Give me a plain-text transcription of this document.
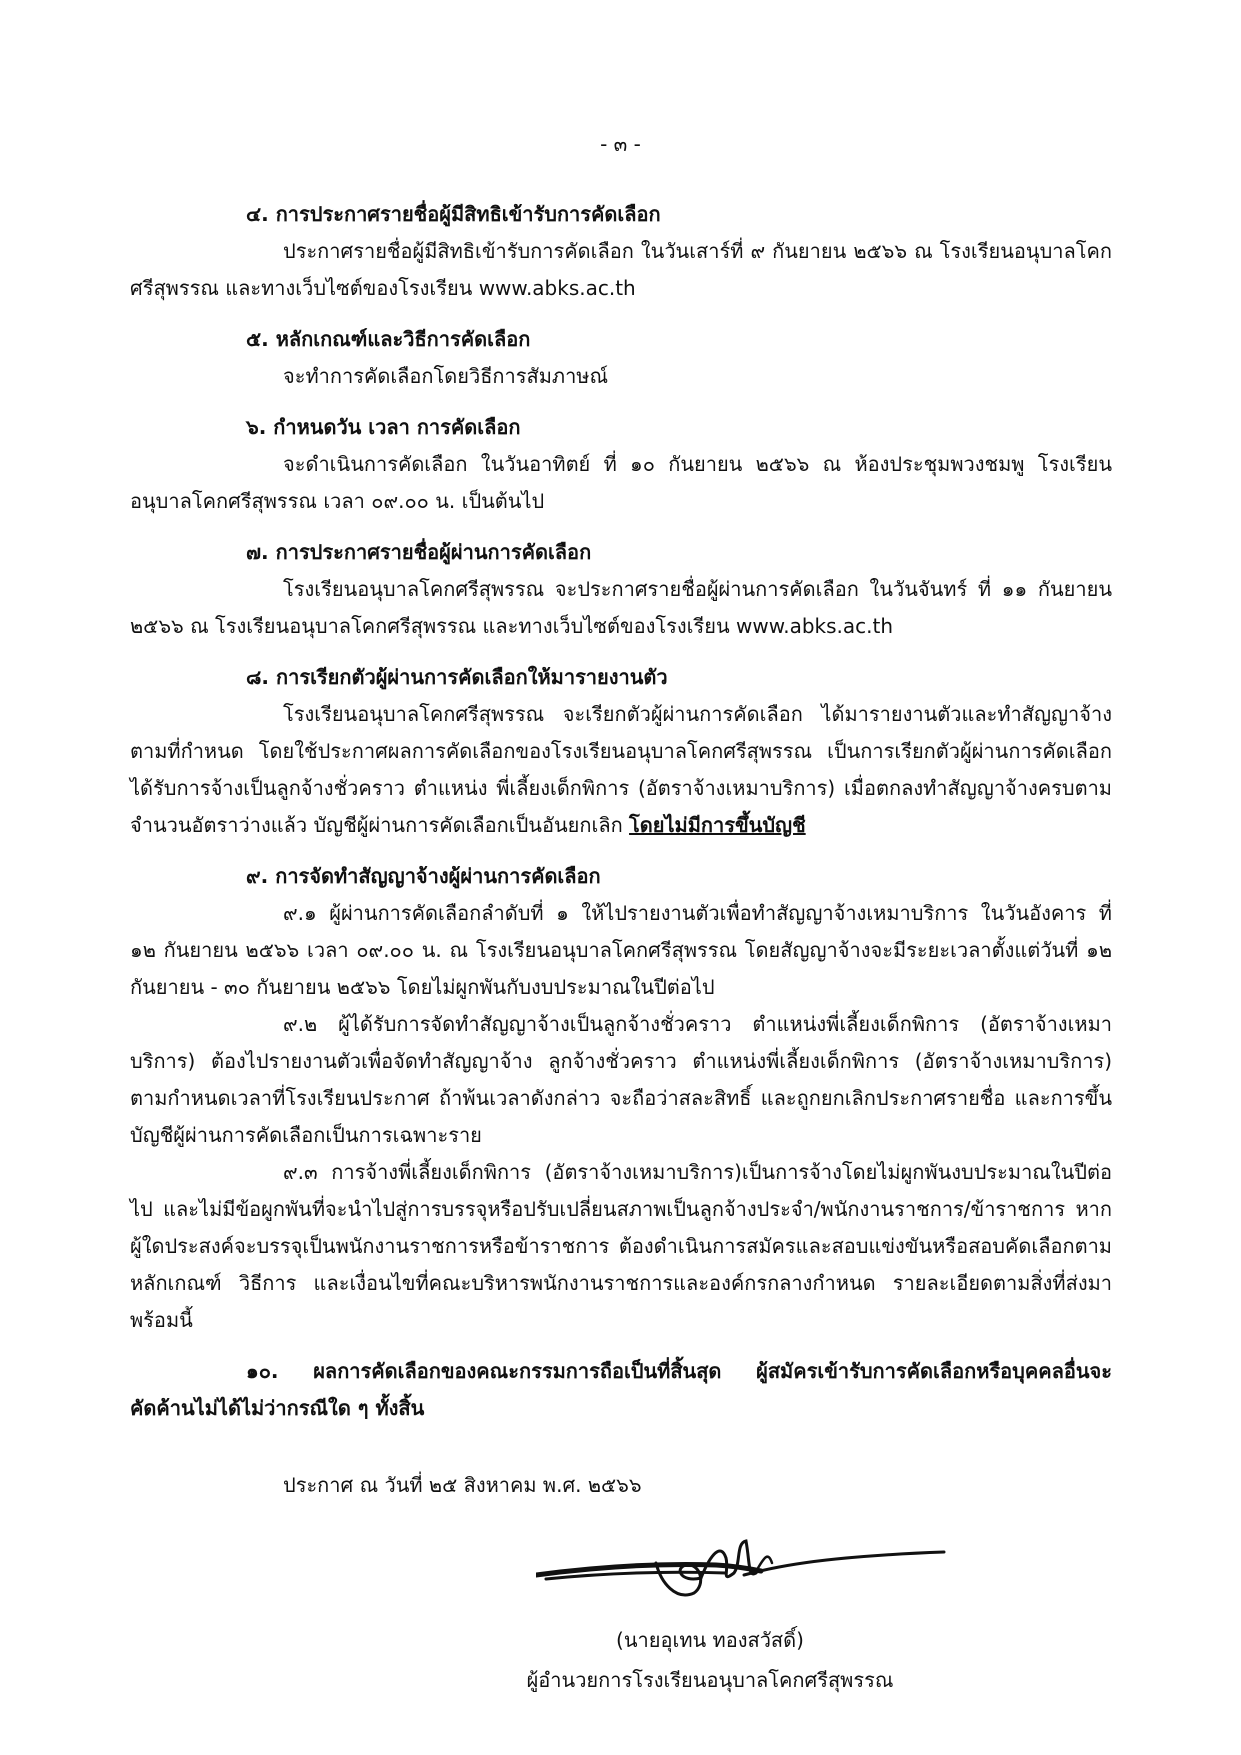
- ๓ -

๔. การประกาศรายชื่อผู้มีสิทธิเข้ารับการคัดเลือก

ประกาศรายชื่อผู้มีสิทธิเข้ารับการคัดเลือก ในวันเสาร์ที่ ๙ กันยายน ๒๕๖๖ ณ โรงเรียนอนุบาลโคกศรีสุพรรณ และทางเว็บไซต์ของโรงเรียน www.abks.ac.th

๕. หลักเกณฑ์และวิธีการคัดเลือก

จะทำการคัดเลือกโดยวิธีการสัมภาษณ์

๖. กำหนดวัน เวลา การคัดเลือก

จะดำเนินการคัดเลือก ในวันอาทิตย์ ที่ ๑๐ กันยายน ๒๕๖๖ ณ ห้องประชุมพวงชมพู โรงเรียนอนุบาลโคกศรีสุพรรณ เวลา ๐๙.๐๐ น. เป็นต้นไป

๗. การประกาศรายชื่อผู้ผ่านการคัดเลือก

โรงเรียนอนุบาลโคกศรีสุพรรณ จะประกาศรายชื่อผู้ผ่านการคัดเลือก ในวันจันทร์ ที่ ๑๑ กันยายน ๒๕๖๖ ณ โรงเรียนอนุบาลโคกศรีสุพรรณ และทางเว็บไซต์ของโรงเรียน www.abks.ac.th

๘. การเรียกตัวผู้ผ่านการคัดเลือกให้มารายงานตัว

โรงเรียนอนุบาลโคกศรีสุพรรณ จะเรียกตัวผู้ผ่านการคัดเลือก ได้มารายงานตัวและทำสัญญาจ้างตามที่กำหนด โดยใช้ประกาศผลการคัดเลือกของโรงเรียนอนุบาลโคกศรีสุพรรณ เป็นการเรียกตัวผู้ผ่านการคัดเลือกได้รับการจ้างเป็นลูกจ้างชั่วคราว ตำแหน่ง พี่เลี้ยงเด็กพิการ (อัตราจ้างเหมาบริการ) เมื่อตกลงทำสัญญาจ้างครบตามจำนวนอัตราว่างแล้ว บัญชีผู้ผ่านการคัดเลือกเป็นอันยกเลิก โดยไม่มีการขึ้นบัญชี

๙. การจัดทำสัญญาจ้างผู้ผ่านการคัดเลือก

๙.๑ ผู้ผ่านการคัดเลือกลำดับที่ ๑ ให้ไปรายงานตัวเพื่อทำสัญญาจ้างเหมาบริการ ในวันอังคาร ที่ ๑๒ กันยายน ๒๕๖๖ เวลา ๐๙.๐๐ น. ณ โรงเรียนอนุบาลโคกศรีสุพรรณ โดยสัญญาจ้างจะมีระยะเวลาตั้งแต่วันที่ ๑๒ กันยายน - ๓๐ กันยายน ๒๕๖๖ โดยไม่ผูกพันกับงบประมาณในปีต่อไป

๙.๒ ผู้ได้รับการจัดทำสัญญาจ้างเป็นลูกจ้างชั่วคราว ตำแหน่งพี่เลี้ยงเด็กพิการ (อัตราจ้างเหมาบริการ) ต้องไปรายงานตัวเพื่อจัดทำสัญญาจ้าง ลูกจ้างชั่วคราว ตำแหน่งพี่เลี้ยงเด็กพิการ (อัตราจ้างเหมาบริการ) ตามกำหนดเวลาที่โรงเรียนประกาศ ถ้าพ้นเวลาดังกล่าว จะถือว่าสละสิทธิ์ และถูกยกเลิกประกาศรายชื่อ และการขึ้นบัญชีผู้ผ่านการคัดเลือกเป็นการเฉพาะราย

๙.๓ การจ้างพี่เลี้ยงเด็กพิการ (อัตราจ้างเหมาบริการ)เป็นการจ้างโดยไม่ผูกพันงบประมาณในปีต่อไป และไม่มีข้อผูกพันที่จะนำไปสู่การบรรจุหรือปรับเปลี่ยนสภาพเป็นลูกจ้างประจำ/พนักงานราชการ/ข้าราชการ หากผู้ใดประสงค์จะบรรจุเป็นพนักงานราชการหรือข้าราชการ ต้องดำเนินการสมัครและสอบแข่งขันหรือสอบคัดเลือกตามหลักเกณฑ์ วิธีการ และเงื่อนไขที่คณะบริหารพนักงานราชการและองค์กรกลางกำหนด รายละเอียดตามสิ่งที่ส่งมาพร้อมนี้

๑๐. ผลการคัดเลือกของคณะกรรมการถือเป็นที่สิ้นสุด ผู้สมัครเข้ารับการคัดเลือกหรือบุคคลอื่นจะคัดค้านไม่ได้ไม่ว่ากรณีใด ๆ ทั้งสิ้น

ประกาศ ณ วันที่ ๒๕ สิงหาคม พ.ศ. ๒๕๖๖
(นายอุเทน ทองสวัสดิ์)
ผู้อำนวยการโรงเรียนอนุบาลโคกศรีสุพรรณ
